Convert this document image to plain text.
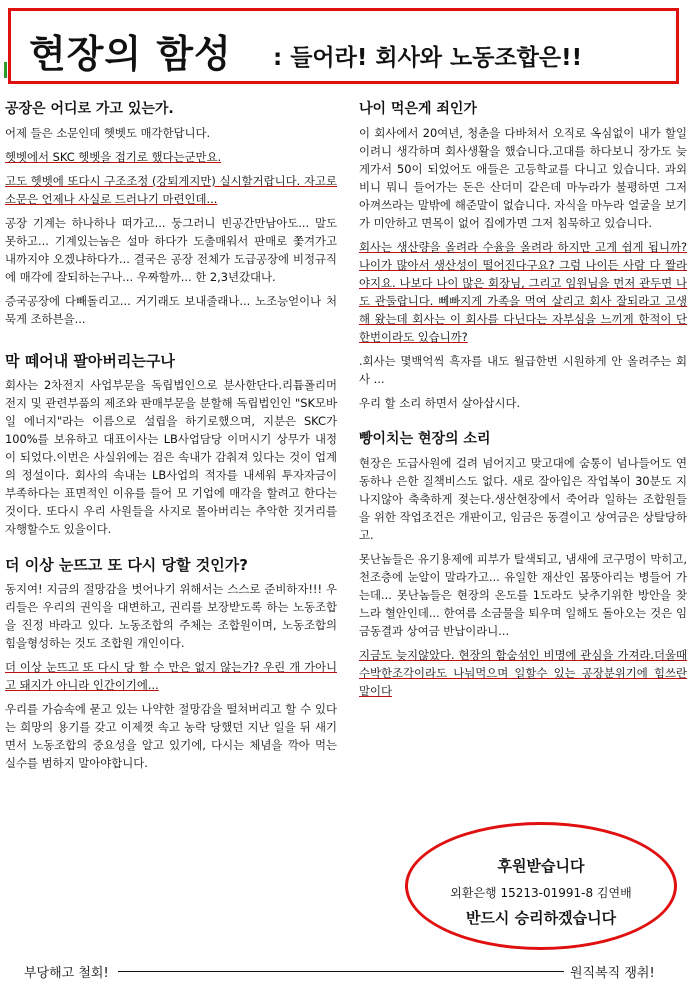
현장의 함성 : 들어라! 회사와 노동조합은!!
공장은 어디로 가고 있는가.

어제 들은 소문인데 헷벳도 매각한답니다.

헷벳에서 SKC 헷벳을 접기로 했다는군만요.

고도 헷벳에 또다시 구조조정 (강퇴게지만) 실시할거랍니다. 자고로 소문은 언제나 사실로 드러나기 마련인데...

공장 기계는 하나하나 떠가고... 둥그러니 빈공간만남아도... 말도 못하고... 기계있는놈은 설마 하다가 도출매워서 판매로 쫓겨가고 내까지야 오겠냐하다가... 결국은 공장 전체가 도급공장에 비정규직에 매각에 잘되하는구나... 우짜할까... 한 2,3년갔대나.

증국공장에 다빼돌리고... 거기래도 보내줄래나... 노조능얻이나 처묵게 조하븐을...

막 떼어내 팔아버리는구나

회사는 2차전지 사업부문을 독립법인으로 분사한단다.리튬폴리머 전지 및 관련부품의 제조와 판매부문을 분할해 독립법인인 "SK모바일 에너지"라는 이름으로 설립을 하기로했으며, 지분은 SKC가 100%를 보유하고 대표이사는 LB사업담당 이머시기 상무가 내정이 되었다.이번은 사실위에는 검은 속내가 감춰져 있다는 것이 업계의 정설이다. 회사의 속내는 LB사업의 적자를 내세워 투자자금이 부족하다는 표면적인 이유를 들어 모 기업에 매각을 할려고 한다는 것이다. 또다시 우리 사원들을 사지로 몰아버리는 추악한 짓거리를 자행할수도 있을이다.

더 이상 눈뜨고 또 다시 당할 것인가?

동지여! 지금의 절망감을 벗어나기 위해서는 스스로 준비하자!!! 우리들은 우리의 권익을 대변하고, 권리를 보장받도록 하는 노동조합을 진정 바라고 있다. 노동조합의 주체는 조합원이며, 노동조합의 힘을형성하는 것도 조합원 개인이다.

더 이상 눈뜨고 또 다시 당 할 수 만은 없지 않는가? 우린 개 가아니고 돼지가 아니라 인간이기에...

우리를 가슴속에 묻고 있는 나약한 절망감을 떨쳐버리고 할 수 있다는 희망의 용기를 갖고 이제껏 속고 농락 당했던 지난 일을 뒤 새기면서 노동조합의 중요성을 알고 있기에, 다시는 체념을 깍아 먹는 실수를 범하지 말아야합니다.

나이 먹은게 죄인가

이 회사에서 20여년, 청춘을 다바쳐서 오직로 옥심없이 내가 할일이려니 생각하며 회사생활을 했습니다.고대를 하다보니 장가도 늦게가서 50이 되었어도 애들은 고등학교를 다니고 있습니다. 과외비니 뭐니 들어가는 돈은 산더미 같은데 마누라가 불평하면 그저 아껴쓰라는 말밖에 해준말이 없습니다. 자식을 마누라 얼굴을 보기가 미안하고 면목이 없어 집에가면 그저 침묵하고 있습니다.

회사는 생산량을 올려라 수율을 올려라 하지만 고게 쉽게 됩니까?나이가 많아서 생산성이 떨어진다구요? 그럼 나이든 사람 다 짤라야지요. 나보다 나이 많은 회장님, 그리고 임원님을 먼저 관두면 나도 관둘랍니다. 뻬빠지게 가족을 먹여 살리고 회사 잘되라고 고생해 왔는데 회사는 이 회사를 다닌다는 자부심을 느끼게 한적이 단한번이라도 있습니까?

.회사는 몇백억씩 흑자를 내도 월급한번 시원하게 안 올려주는 회사 ...

우리 할 소리 하면서 살아삽시다.

빵이치는 현장의 소리

현장은 도급사원에 걸려 넘어지고 맞고대에 숨통이 넘나들어도 연동하나 은한 질책비스도 없다. 새로 잘아입은 작업복이 30분도 지나지않아 축축하게 젖는다.생산현장에서 죽어라 일하는 조합원들을 위한 작업조건은 개판이고, 임금은 동결이고 상여금은 상탈당하고.

못난놈들은 유기용제에 피부가 탈색되고, 냄새에 코구멍이 막히고, 천조층에 눈알이 말라가고... 유일한 재산인 몸뚱아리는 병들어 가는데... 못난놈들은 현장의 온도를 1도라도 낮추기위한 방안을 찾느라 혈안인데... 한여름 소금물을 퇴우며 일해도 돌아오는 것은 임금동결과 상여금 반납이라니...

지금도 늦지않았다. 현장의 함숨섞인 비명에 관심을 가져라.더울때 수박한조각이라도 나눠먹으며 일할수 있는 공장분위기에 힘쓰란 말이다

후원받습니다
외환은행 15213-01991-8 김연배
반드시 승리하겠습니다
부당해고 철회!	원직복직 쟁취!
